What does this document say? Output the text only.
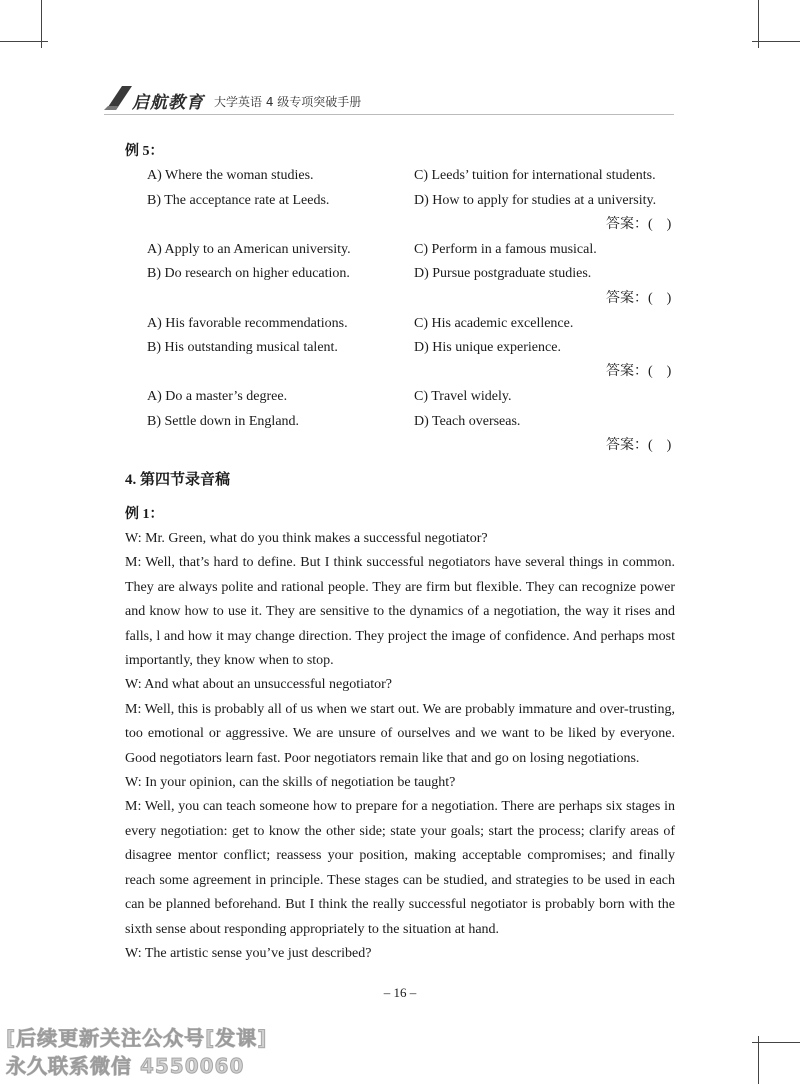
启航教育 大学英语 4 级专项突破手册
例 5：
A) Where the woman studies.	C) Leeds’ tuition for international students.
B) The acceptance rate at Leeds.	D) How to apply for studies at a university.
答案：(　)
A) Apply to an American university.	C) Perform in a famous musical.
B) Do research on higher education.	D) Pursue postgraduate studies.
答案：(　)
A) His favorable recommendations.	C) His academic excellence.
B) His outstanding musical talent.	D) His unique experience.
答案：(　)
A) Do a master’s degree.	C) Travel widely.
B) Settle down in England.	D) Teach overseas.
答案：(　)
4. 第四节录音稿
例 1：
W: Mr. Green, what do you think makes a successful negotiator?
M: Well, that’s hard to define. But I think successful negotiators have several things in common. They are always polite and rational people. They are firm but flexible. They can recognize power and know how to use it. They are sensitive to the dynamics of a negotiation, the way it rises and falls, l and how it may change direction. They project the image of confidence. And perhaps most importantly, they know when to stop.
W: And what about an unsuccessful negotiator?
M: Well, this is probably all of us when we start out. We are probably immature and over-trusting, too emotional or aggressive. We are unsure of ourselves and we want to be liked by everyone. Good negotiators learn fast. Poor negotiators remain like that and go on losing negotiations.
W: In your opinion, can the skills of negotiation be taught?
M: Well, you can teach someone how to prepare for a negotiation. There are perhaps six stages in every negotiation: get to know the other side; state your goals; start the process; clarify areas of disagree mentor conflict; reassess your position, making acceptable compromises; and finally reach some agreement in principle. These stages can be studied, and strategies to be used in each can be planned beforehand. But I think the really successful negotiator is probably born with the sixth sense about responding appropriately to the situation at hand.
W: The artistic sense you’ve just described?
– 16 –
[后续更新关注公众号[发课]
永久联系微信 4550060
